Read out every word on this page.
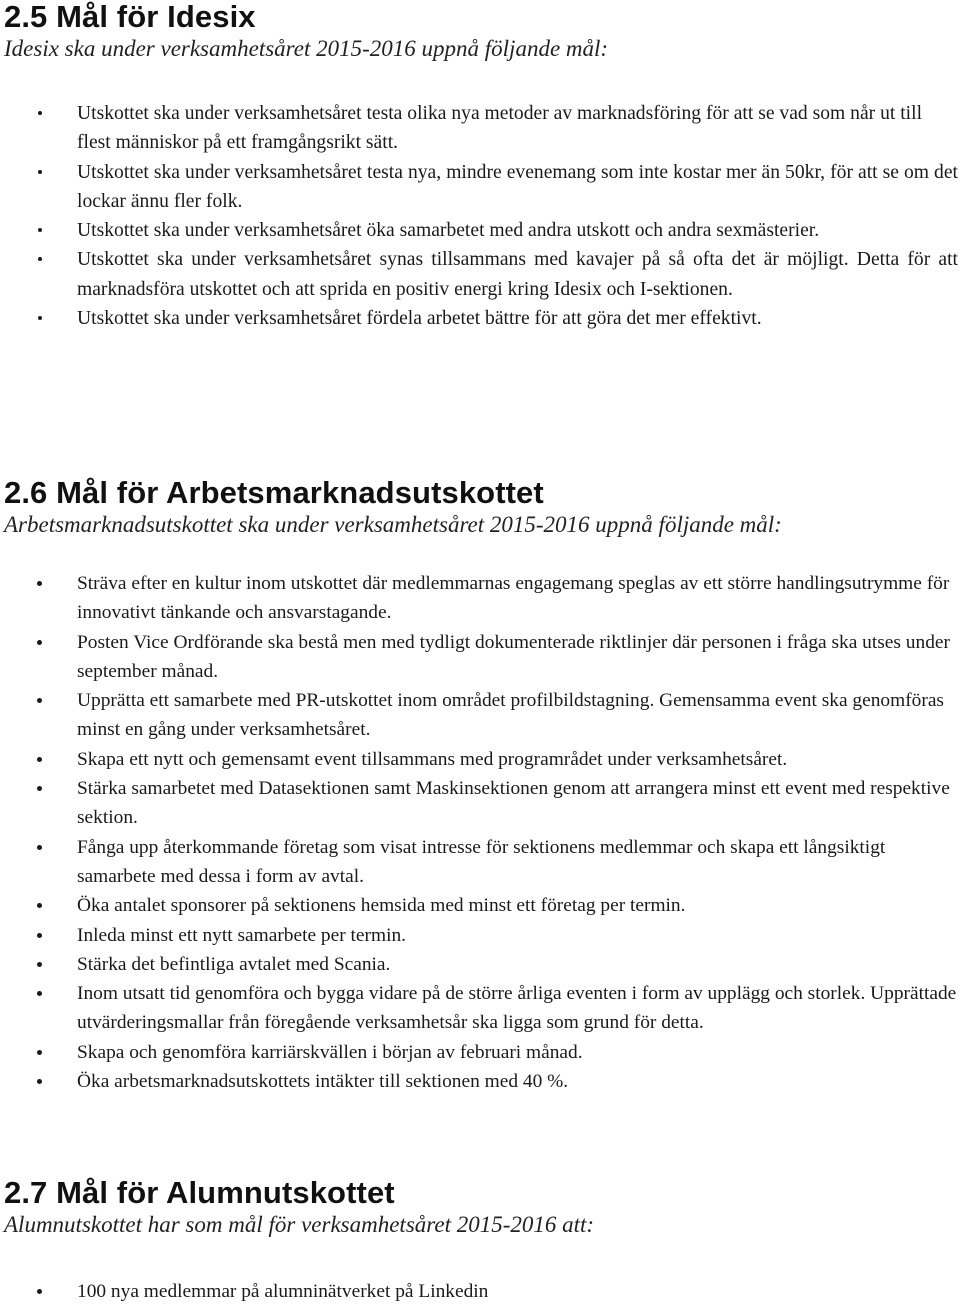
2.5 Mål för Idesix

Idesix ska under verksamhetsåret 2015-2016 uppnå följande mål:

Utskottet ska under verksamhetsåret testa olika nya metoder av marknadsföring för att se vad som når ut till flest människor på ett framgångsrikt sätt.
Utskottet ska under verksamhetsåret testa nya, mindre evenemang som inte kostar mer än 50kr, för att se om det lockar ännu fler folk.
Utskottet ska under verksamhetsåret öka samarbetet med andra utskott och andra sexmästerier.
Utskottet ska under verksamhetsåret synas tillsammans med kavajer på så ofta det är möjligt. Detta för att marknadsföra utskottet och att sprida en positiv energi kring Idesix och I-sektionen.
Utskottet ska under verksamhetsåret fördela arbetet bättre för att göra det mer effektivt.
2.6 Mål för Arbetsmarknadsutskottet

Arbetsmarknadsutskottet ska under verksamhetsåret 2015-2016 uppnå följande mål:

Sträva efter en kultur inom utskottet där medlemmarnas engagemang speglas av ett större handlingsutrymme för innovativt tänkande och ansvarstagande.
Posten Vice Ordförande ska bestå men med tydligt dokumenterade riktlinjer där personen i fråga ska utses under september månad.
Upprätta ett samarbete med PR-utskottet inom området profilbildstagning. Gemensamma event ska genomföras minst en gång under verksamhetsåret.
Skapa ett nytt och gemensamt event tillsammans med programrådet under verksamhetsåret.
Stärka samarbetet med Datasektionen samt Maskinsektionen genom att arrangera minst ett event med respektive sektion.
Fånga upp återkommande företag som visat intresse för sektionens medlemmar och skapa ett långsiktigt samarbete med dessa i form av avtal.
Öka antalet sponsorer på sektionens hemsida med minst ett företag per termin.
Inleda minst ett nytt samarbete per termin.
Stärka det befintliga avtalet med Scania.
Inom utsatt tid genomföra och bygga vidare på de större årliga eventen i form av upplägg och storlek. Upprättade utvärderingsmallar från föregående verksamhetsår ska ligga som grund för detta.
Skapa och genomföra karriärskvällen i början av februari månad.
Öka arbetsmarknadsutskottets intäkter till sektionen med 40 %.
2.7 Mål för Alumnutskottet

Alumnutskottet har som mål för verksamhetsåret 2015-2016 att:

100 nya medlemmar på alumninätverket på Linkedin
